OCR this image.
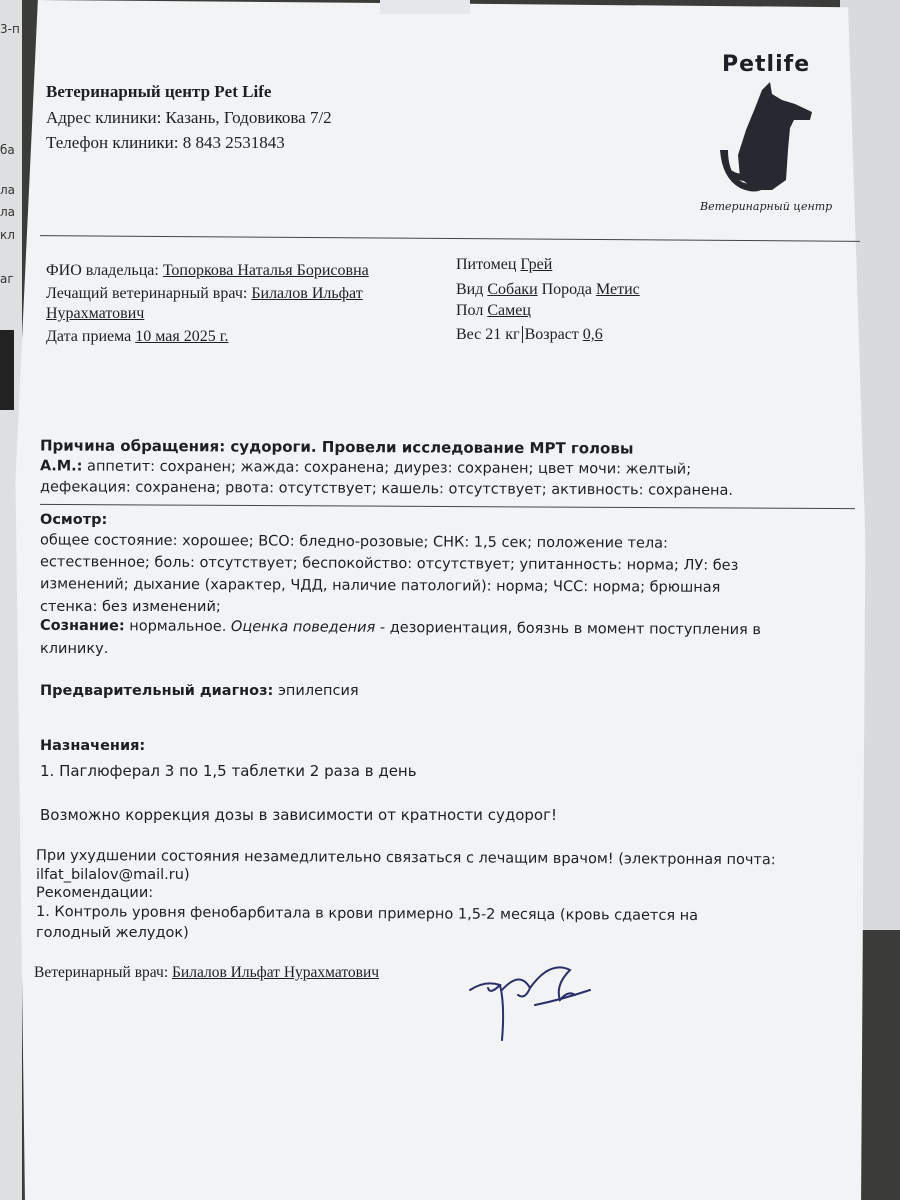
3-п
ба
ла
ла
кл
аг
Ветеринарный центр Pet Life
Адрес клиники: Казань, Годовикова 7/2
Телефон клиники: 8 843 2531843
Petlife
Ветеринарный центр
ФИО владельца: Топоркова Наталья Борисовна
Лечащий ветеринарный врач: Билалов Ильфат
Нурахматович
Дата приема 10 мая 2025 г.
Питомец Грей
Вид Собаки Порода Метис
Пол Самец
Вес 21 кг Возраст 0,6
Причина обращения: судороги. Провели исследование МРТ головы
А.М.: аппетит: сохранен; жажда: сохранена; диурез: сохранен; цвет мочи: желтый;
дефекация: сохранена; рвота: отсутствует; кашель: отсутствует; активность: сохранена.
Осмотр:
общее состояние: хорошее; ВСО: бледно-розовые; СНК: 1,5 сек; положение тела:
естественное; боль: отсутствует; беспокойство: отсутствует; упитанность: норма; ЛУ: без
изменений; дыхание (характер, ЧДД, наличие патологий): норма; ЧСС: норма; брюшная
стенка: без изменений;
Сознание: нормальное. Оценка поведения - дезориентация, боязнь в момент поступления в
клинику.
Предварительный диагноз: эпилепсия
Назначения:
1. Паглюферал 3 по 1,5 таблетки 2 раза в день
Возможно коррекция дозы в зависимости от кратности судорог!
При ухудшении состояния незамедлительно связаться с лечащим врачом! (электронная почта:
ilfat_bilalov@mail.ru)
Рекомендации:
1. Контроль уровня фенобарбитала в крови примерно 1,5-2 месяца (кровь сдается на
голодный желудок)
Ветеринарный врач: Билалов Ильфат Нурахматович
